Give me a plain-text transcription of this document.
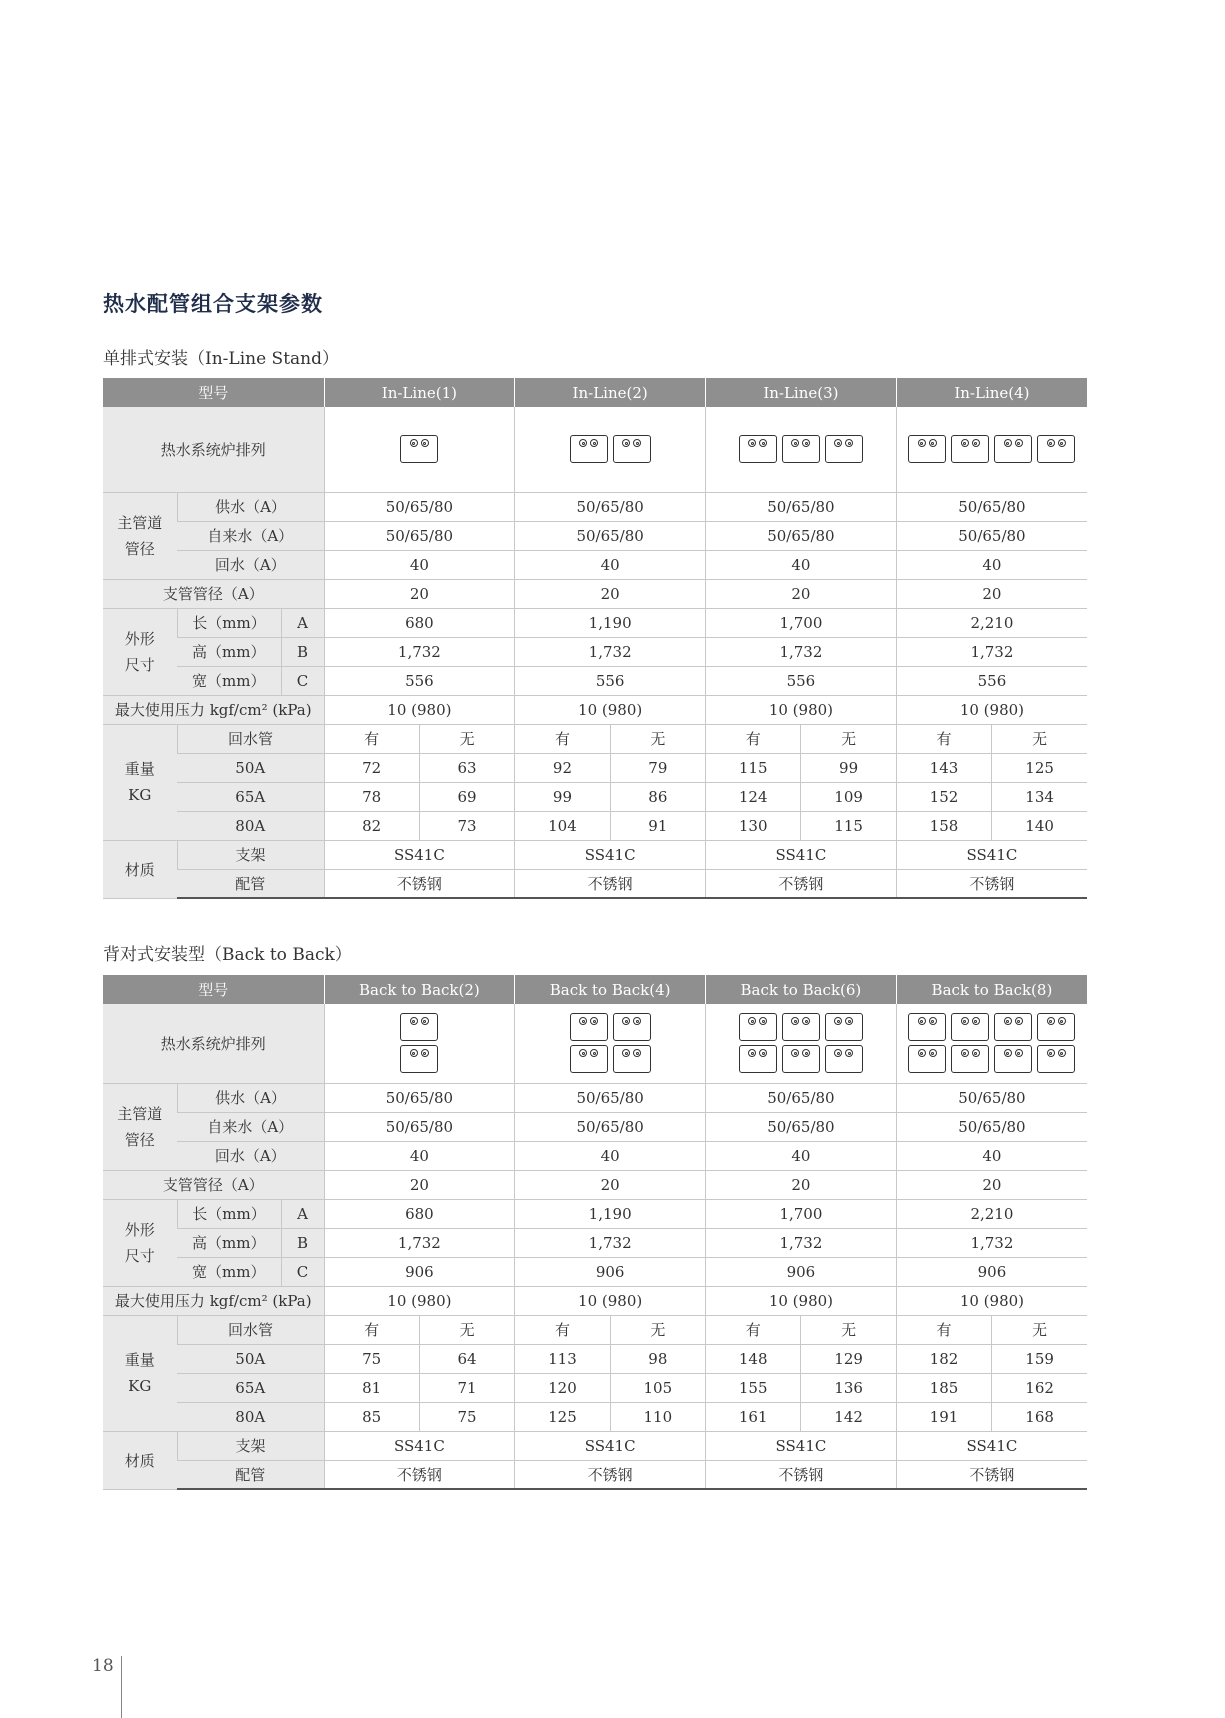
热水配管组合支架参数
单排式安装（In-Line Stand）
型号			In-Line(1)		In-Line(2)		In-Line(3)		In-Line(4)	
热水系统炉排列							

主管道
管径	供水（A）		50/65/80		50/65/80		50/65/80		50/65/80	
	自来水（A）		50/65/80		50/65/80		50/65/80		50/65/80	
	回水（A）		40		40		40		40	
支管管径（A）			20		20		20		20	

外形
尺寸	长（mm）	A	680		1,190		1,700		2,210	
	高（mm）	B	1,732		1,732		1,732		1,732	
	宽（mm）	C	556		556		556		556	
最大使用压力 kgf/cm² (kPa)			10 (980)		10 (980)		10 (980)		10 (980)	

重量
KG	回水管		有	无	有	无	有	无	有	无
	50A		72	63	92	79	115	99	143	125
	65A		78	69	99	86	124	109	152	134
	80A		82	73	104	91	130	115	158	140
材质	支架		SS41C		SS41C		SS41C		SS41C	
	配管		不锈钢		不锈钢		不锈钢		不锈钢	
背对式安装型（Back to Back）
型号			Back to Back(2)		Back to Back(4)		Back to Back(6)		Back to Back(8)	
热水系统炉排列							

主管道
管径	供水（A）		50/65/80		50/65/80		50/65/80		50/65/80	
	自来水（A）		50/65/80		50/65/80		50/65/80		50/65/80	
	回水（A）		40		40		40		40	
支管管径（A）			20		20		20		20	

外形
尺寸	长（mm）	A	680		1,190		1,700		2,210	
	高（mm）	B	1,732		1,732		1,732		1,732	
	宽（mm）	C	906		906		906		906	
最大使用压力 kgf/cm² (kPa)			10 (980)		10 (980)		10 (980)		10 (980)	

重量
KG	回水管		有	无	有	无	有	无	有	无
	50A		75	64	113	98	148	129	182	159
	65A		81	71	120	105	155	136	185	162
	80A		85	75	125	110	161	142	191	168
材质	支架		SS41C		SS41C		SS41C		SS41C	
	配管		不锈钢		不锈钢		不锈钢		不锈钢	
18
